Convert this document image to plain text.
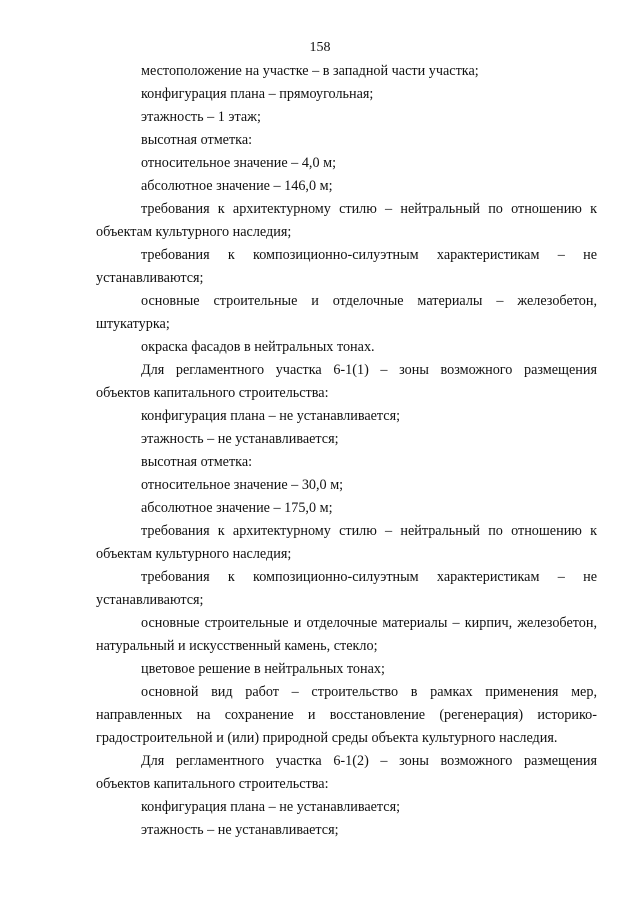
158

местоположение на участке – в западной части участка;

конфигурация плана – прямоугольная;

этажность – 1 этаж;

высотная отметка:

относительное значение – 4,0 м;

абсолютное значение – 146,0 м;

требования к архитектурному стилю – нейтральный по отношению к объектам культурного наследия;

требования к композиционно-силуэтным характеристикам – не устанавливаются;

основные строительные и отделочные материалы – железобетон, штукатурка;

окраска фасадов в нейтральных тонах.

Для регламентного участка 6-1(1) – зоны возможного размещения объектов капитального строительства:

конфигурация плана – не устанавливается;

этажность – не устанавливается;

высотная отметка:

относительное значение – 30,0 м;

абсолютное значение – 175,0 м;

требования к архитектурному стилю – нейтральный по отношению к объектам культурного наследия;

требования к композиционно-силуэтным характеристикам – не устанавливаются;

основные строительные и отделочные материалы – кирпич, железобетон, натуральный и искусственный камень, стекло;

цветовое решение в нейтральных тонах;

основной вид работ – строительство в рамках применения мер, направленных на сохранение и восстановление (регенерация) историко-градостроительной и (или) природной среды объекта культурного наследия.

Для регламентного участка 6-1(2) – зоны возможного размещения объектов капитального строительства:

конфигурация плана – не устанавливается;

этажность – не устанавливается;
